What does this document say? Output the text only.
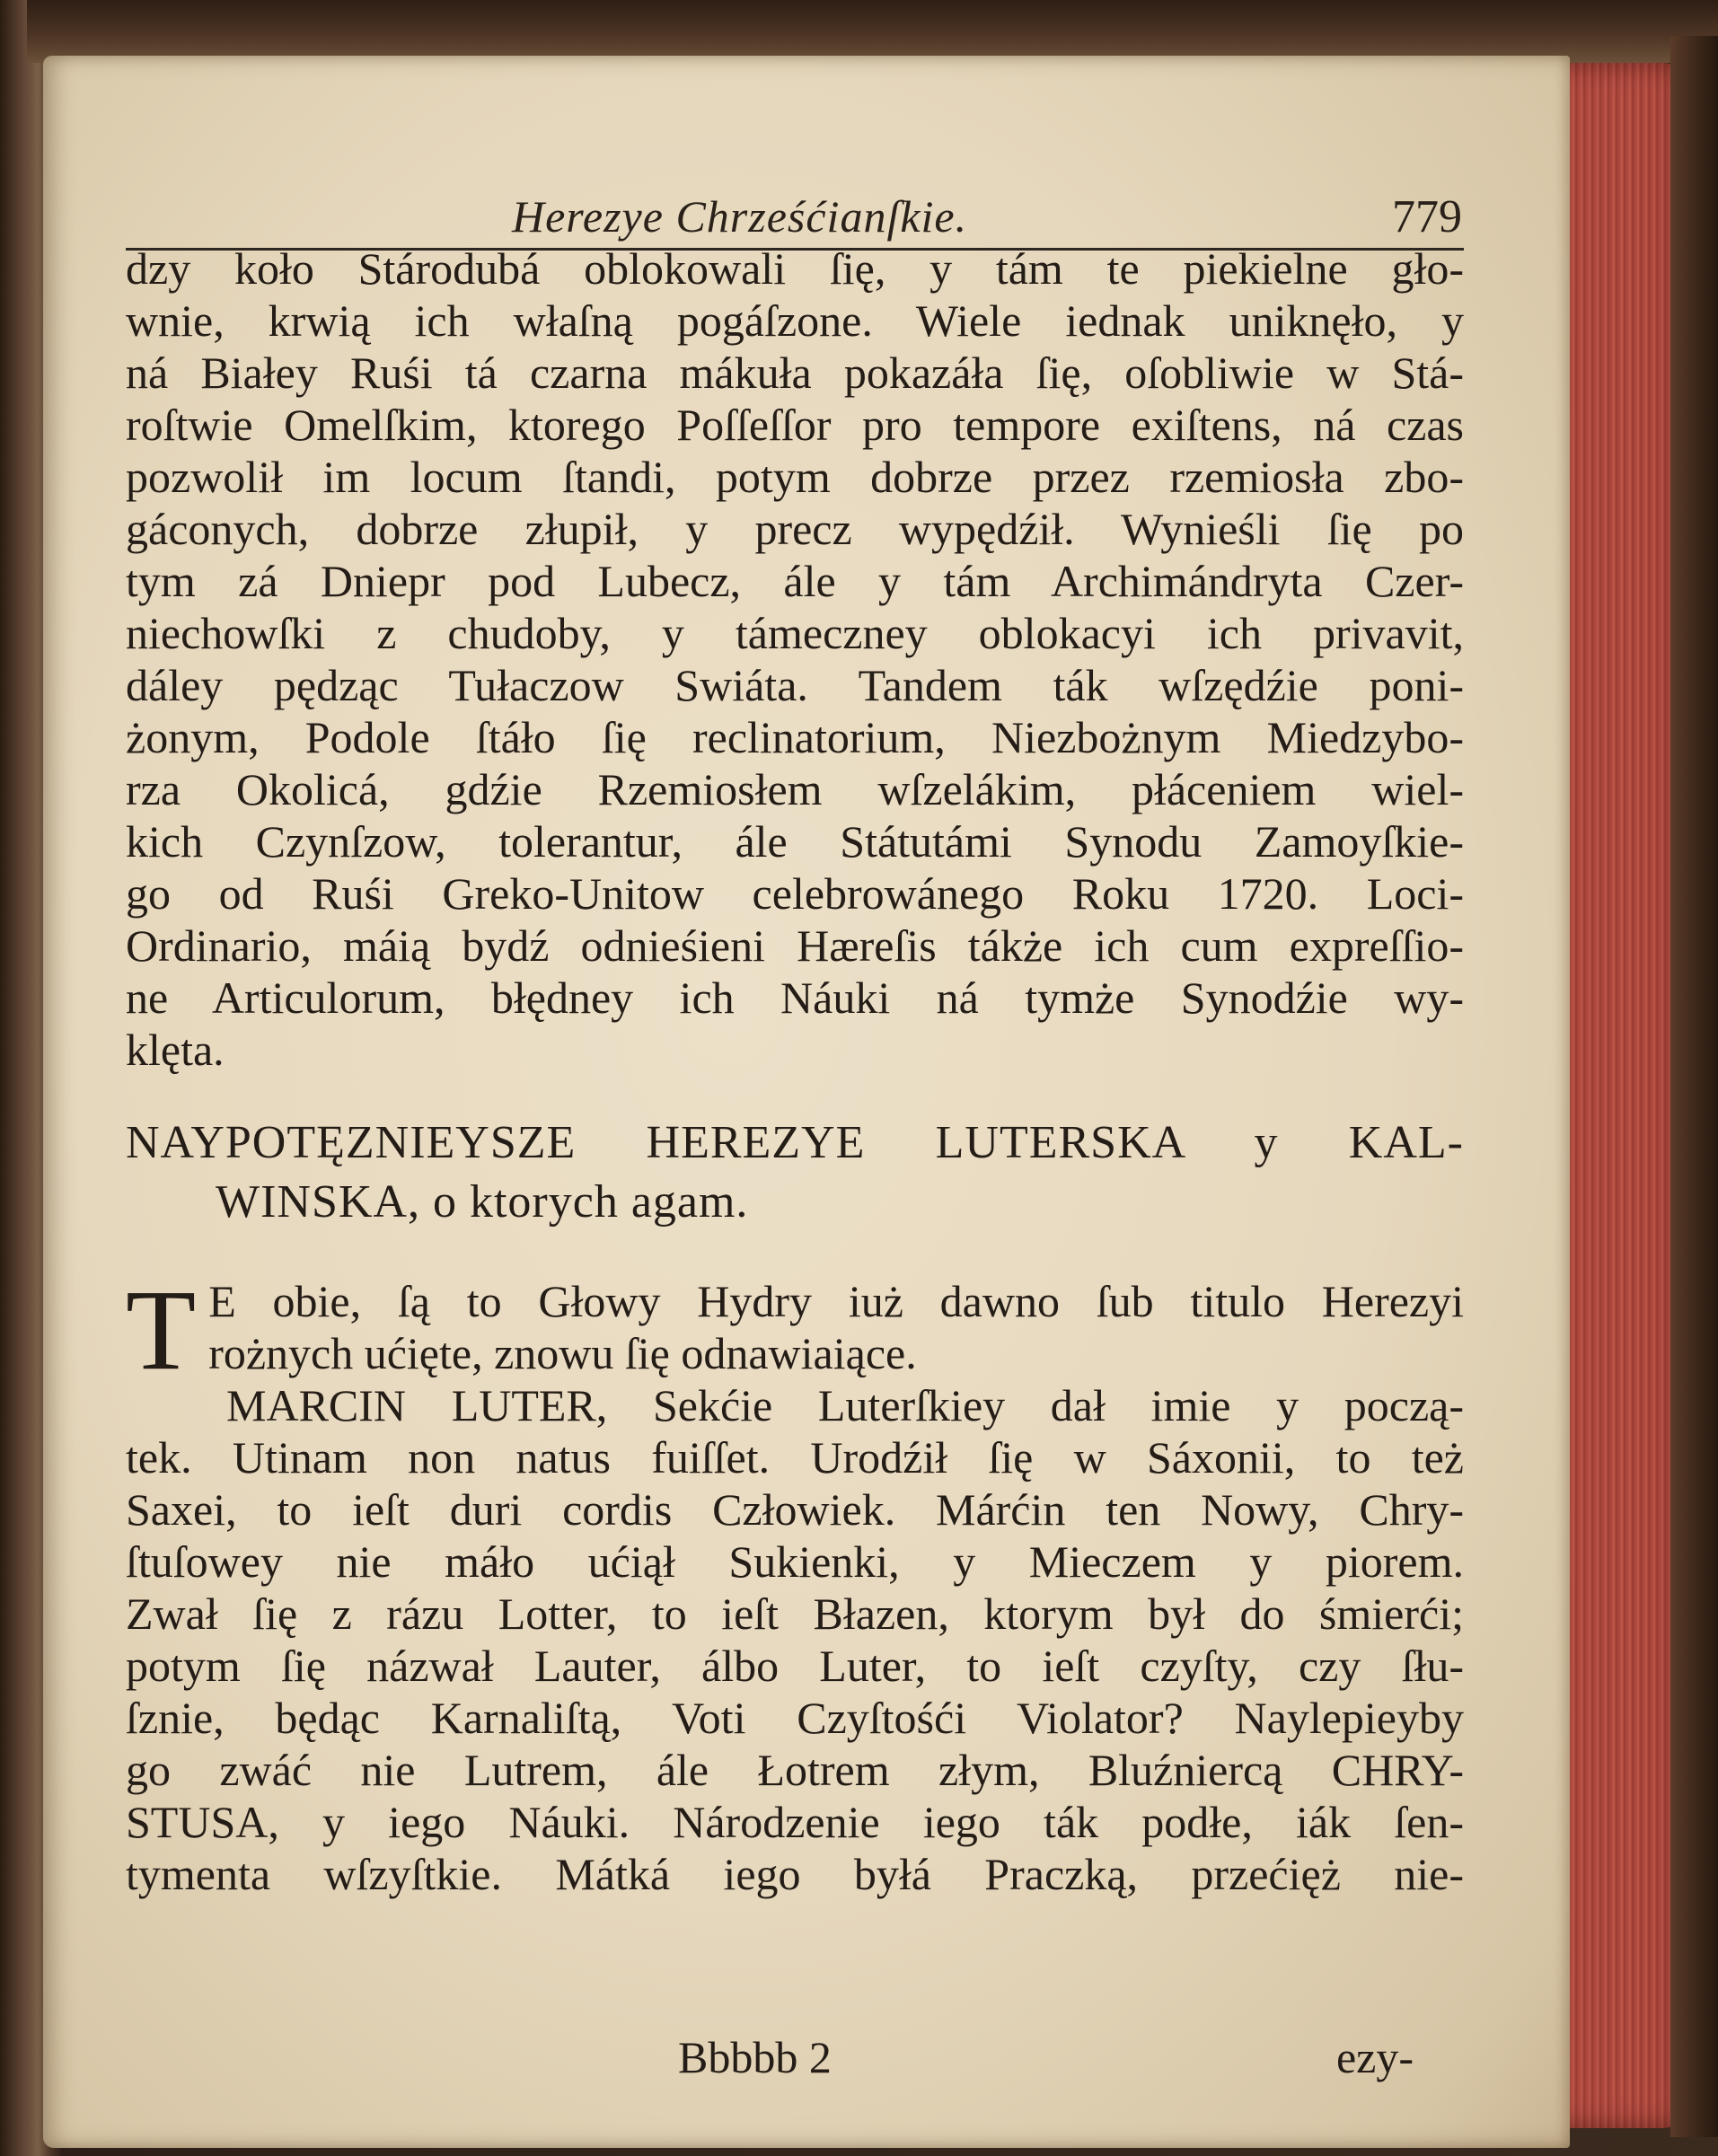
Herezye Chrześćianſkie.	779
dzy koło Stárodubá oblokowali ſię, y tám te piekielne gło-
wnie, krwią ich właſną pogáſzone. Wiele iednak uniknęło, y
ná Białey Ruśi tá czarna mákuła pokazáła ſię, oſobliwie w Stá-
roſtwie Omelſkim, ktorego Poſſeſſor pro tempore exiſtens, ná czas
pozwolił im locum ſtandi, potym dobrze przez rzemiosła zbo-
gáconych, dobrze złupił, y precz wypędźił. Wynieśli ſię po
tym zá Dniepr pod Lubecz, ále y tám Archimándryta Czer-
niechowſki z chudoby, y támeczney oblokacyi ich privavit,
dáley pędząc Tułaczow Swiáta. Tandem ták wſzędźie poni-
żonym, Podole ſtáło ſię reclinatorium, Niezbożnym Miedzybo-
rza Okolicá, gdźie Rzemiosłem wſzelákim, płáceniem wiel-
kich Czynſzow, tolerantur, ále Státutámi Synodu Zamoyſkie-
go od Ruśi Greko-Unitow celebrowánego Roku 1720. Loci-
Ordinario, máią bydź odnieśieni Hæreſis tákże ich cum expreſſio-
ne Articulorum, błędney ich Náuki ná tymże Synodźie wy-
klęta.
NAYPOTĘZNIEYSZE HEREZYE LUTERSKA y KAL-
WINSKA, o ktorych agam.
T E obie, ſą to Głowy Hydry iuż dawno ſub titulo Herezyi
rożnych ućięte, znowu ſię odnawiaiące.
MARCIN LUTER, Sekćie Luterſkiey dał imie y począ-
tek. Utinam non natus fuiſſet. Urodźił ſię w Sáxonii, to też
Saxei, to ieſt duri cordis Człowiek. Márćin ten Nowy, Chry-
ſtuſowey nie máło ućiął Sukienki, y Mieczem y piorem.
Zwał ſię z rázu Lotter, to ieſt Błazen, ktorym był do śmierći;
potym ſię názwał Lauter, álbo Luter, to ieſt czyſty, czy ſłu-
ſznie, będąc Karnaliſtą, Voti Czyſtośći Violator? Naylepieyby
go zwáć nie Lutrem, ále Łotrem złym, Bluźniercą CHRY-
STUSA, y iego Náuki. Národzenie iego ták podłe, iák ſen-
tymenta wſzyſtkie. Mátká iego byłá Praczką, przećięż nie-
Bbbbb 2	ezy-
